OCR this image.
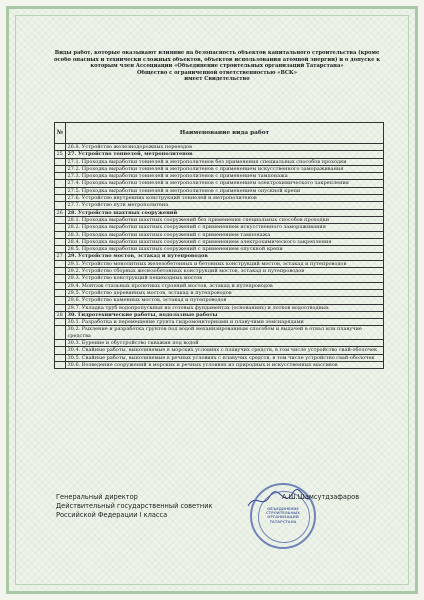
Виды работ, которые оказывают влияние на безопасность объектов капитального строительства (кроме
особо опасных и технически сложных объектов, объектов использования атомной энергии) и о допуске к
которым член Ассоциации «Объединение строительных организаций Татарстана»
Общество с ограниченной ответственностью «ВСК»
имеет Свидетельство
№	Наименование вида работ
	26.8. Устройство железнодорожных переездов
25	27. Устройство тоннелей, метрополитенов
	27.1. Проходка выработки тоннелей и метрополитенов без применения специальных способов проходки
	27.2. Проходка выработки тоннелей и метрополитенов с применением искусственного замораживания
	27.3. Проходка выработки тоннелей и метрополитенов с применением тампонажа
	27.4. Проходка выработки тоннелей и метрополитенов с применением электрохимического закрепления
	27.5. Проходка выработки тоннелей и метрополитенов с применением опускной крепи
	27.6. Устройство внутренних конструкций тоннелей и метрополитенов
	27.7. Устройство пути метрополитена
26	28. Устройство шахтных сооружений
	28.1. Проходка выработки шахтных сооружений без применения специальных способов проходки
	28.2. Проходка выработки шахтных сооружений с применением искусственного замораживания
	28.3. Проходка выработки шахтных сооружений с применением тампонажа
	28.4. Проходка выработки шахтных сооружений с применением электрохимического закрепления
	28.5. Проходка выработки шахтных сооружений с применением опускной крепи
27	29. Устройство мостов, эстакад и путепроводов
	29.1. Устройство монолитных железобетонных и бетонных конструкций мостов, эстакад и путепроводов
	29.2. Устройство сборных железобетонных конструкций мостов, эстакад и путепроводов
	29.3. Устройство конструкций пешеходных мостов
	29.4. Монтаж стальных пролетных строений мостов, эстакад и путепроводов
	29.5. Устройство деревянных мостов, эстакад и путепроводов
	29.6. Устройство каменных мостов, эстакад и путепроводов
	29.7. Укладка труб водопропускных на готовых фундаментах (основаниях) и лотков водоотводных
28	30. Гидротехнические работы, водолазные работы
	30.1. Разработка и перемещение грунта гидромониторными и плавучими земснарядами
	30.2. Рыхление и разработка грунтов под водой механизированным способом и выдачей в отвал или плавучие средства
	30.3. Бурение и обустройство скважин под водой
	30.4. Свайные работы, выполняемые в морских условиях с плавучих средств, в том числе устройство свай-оболочек
	30.5. Свайные работы, выполняемые в речных условиях с плавучих средств, в том числе устройство свай-оболочек
	30.6. Возведение сооружений в морских и речных условиях из природных и искусственных массивов
Генеральный директор
Действительный государственный советник
Российской Федерации I класса
ОБЪЕДИНЕНИЕ СТРОИТЕЛЬНЫХ ОРГАНИЗАЦИЙ ТАТАРСТАНА
А.Ш.Шамсутдзафаров
